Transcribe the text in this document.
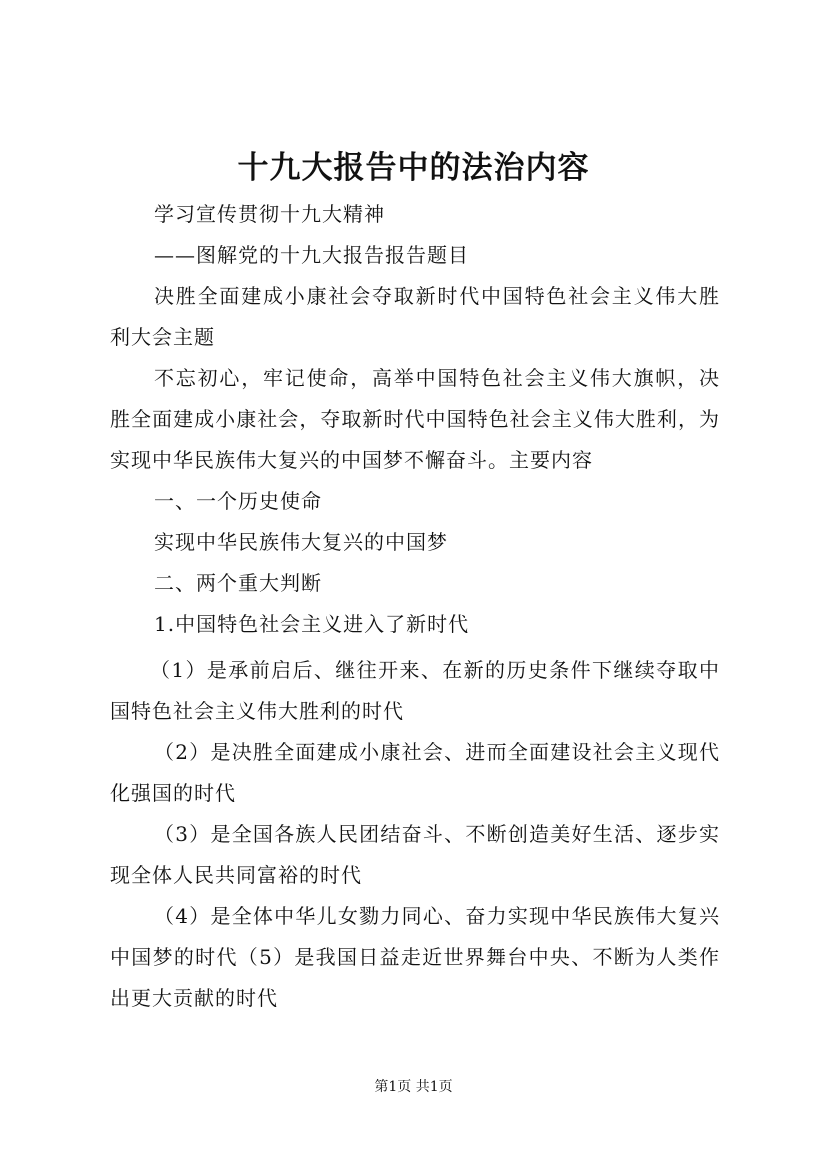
十九大报告中的法治内容

学习宣传贯彻十九大精神

——图解党的十九大报告报告题目

决胜全面建成小康社会夺取新时代中国特色社会主义伟大胜利大会主题

不忘初心，牢记使命，高举中国特色社会主义伟大旗帜，决胜全面建成小康社会，夺取新时代中国特色社会主义伟大胜利，为实现中华民族伟大复兴的中国梦不懈奋斗。主要内容

一、一个历史使命

实现中华民族伟大复兴的中国梦

二、两个重大判断

1.中国特色社会主义进入了新时代

（1）是承前启后、继往开来、在新的历史条件下继续夺取中国特色社会主义伟大胜利的时代

（2）是决胜全面建成小康社会、进而全面建设社会主义现代化强国的时代

（3）是全国各族人民团结奋斗、不断创造美好生活、逐步实现全体人民共同富裕的时代

（4）是全体中华儿女勠力同心、奋力实现中华民族伟大复兴中国梦的时代（5）是我国日益走近世界舞台中央、不断为人类作出更大贡献的时代

第1页 共1页
